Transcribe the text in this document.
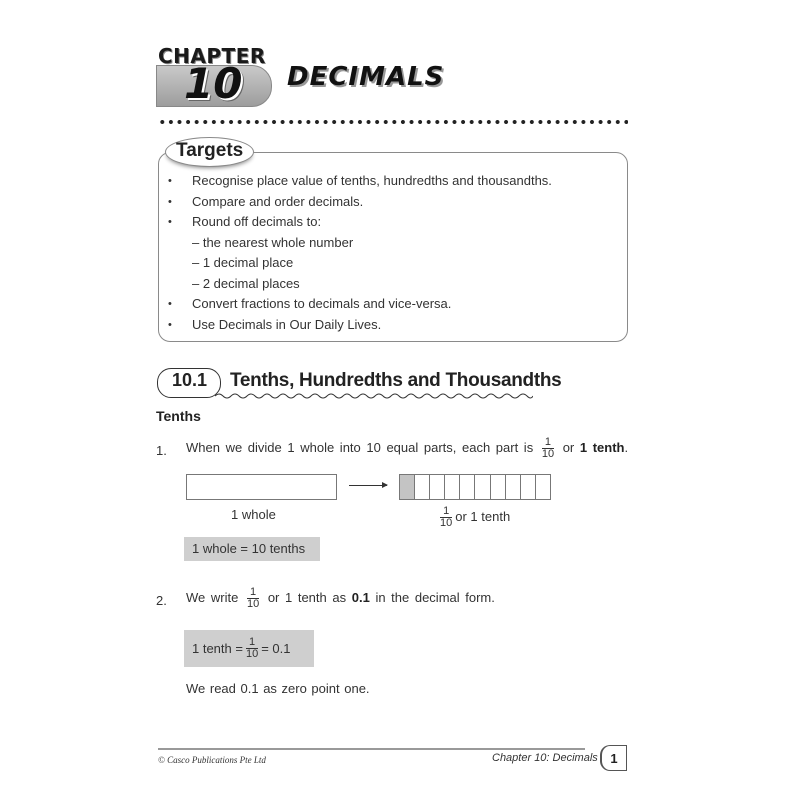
CHAPTER
10 DECIMALS
Targets
• Recognise place value of tenths, hundredths and thousandths.
• Compare and order decimals.
• Round off decimals to:
– the nearest whole number
– 1 decimal place
– 2 decimal places
• Convert fractions to decimals and vice-versa.
• Use Decimals in Our Daily Lives.
10.1 Tenths, Hundredths and Thousandths
Tenths
1. When we divide 1 whole into 10 equal parts, each part is $\frac{1}{10}$ or 1 tenth.
1 whole	$\frac{1}{10}$ or 1 tenth
1 whole = 10 tenths
2. We write $\frac{1}{10}$ or 1 tenth as 0.1 in the decimal form.
1 tenth = $\frac{1}{10} = 0.1$
We read 0.1 as zero point one.
© Casco Publications Pte Ltd	Chapter 10: Decimals 1
